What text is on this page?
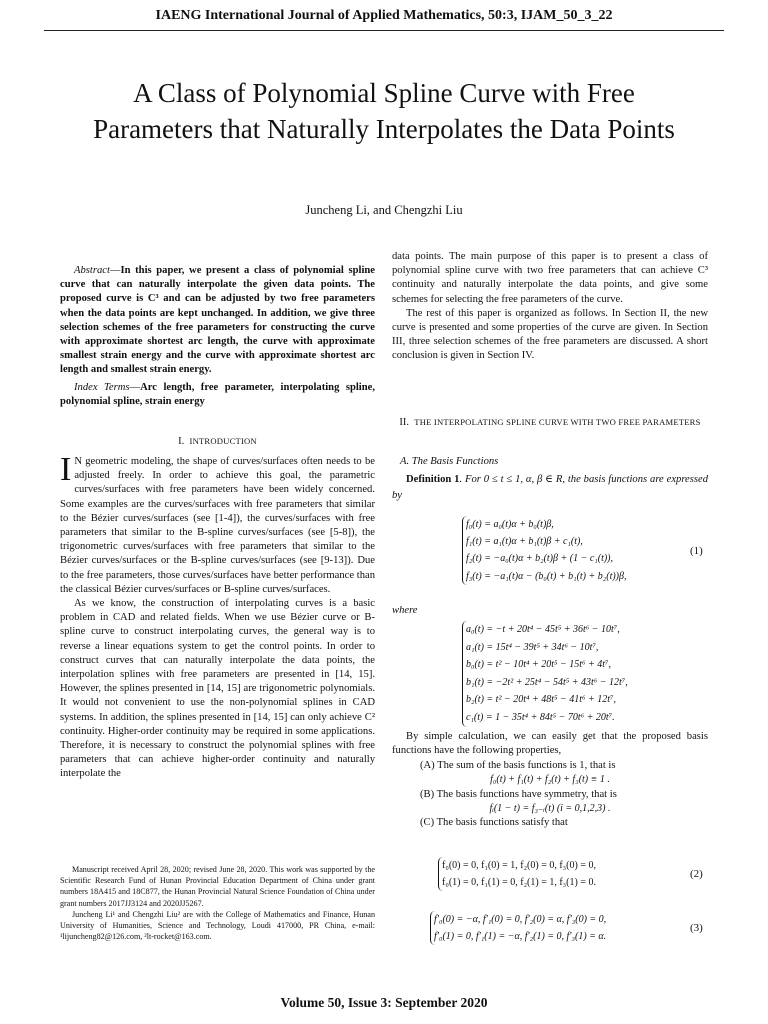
IAENG International Journal of Applied Mathematics, 50:3, IJAM_50_3_22
A Class of Polynomial Spline Curve with Free Parameters that Naturally Interpolates the Data Points
Juncheng Li, and Chengzhi Liu

Abstract—In this paper, we present a class of polynomial spline curve that can naturally interpolate the given data points. The proposed curve is C³ and can be adjusted by two free parameters when the data points are kept unchanged. In addition, we give three selection schemes of the free parameters for constructing the curve with approximate shortest arc length, the curve with approximate smallest strain energy and the curve with approximate shortest arc length and smallest strain energy.

Index Terms—Arc length, free parameter, interpolating spline, polynomial spline, strain energy

I. INTRODUCTION

I N geometric modeling, the shape of curves/surfaces often needs to be adjusted freely. In order to achieve this goal, the parametric curves/surfaces with free parameters have been widely concerned. Some examples are the curves/surfaces with free parameters that similar to the Bézier curves/surfaces (see [1-4]), the curves/surfaces with free parameters that similar to the B-spline curves/surfaces (see [5-8]), the trigonometric curves/surfaces with free parameters that similar to the Bézier curves/surfaces or the B-spline curves/surfaces (see [9-13]). Due to the free parameters, those curves/surfaces have better performance than the classical Bézier curves/surfaces or B-spline curves/surfaces.

As we know, the construction of interpolating curves is a basic problem in CAD and related fields. When we use Bézier curve or B-spline curve to construct interpolating curves, the general way is to reverse a linear equations system to get the control points. In order to construct curves that can naturally interpolate the data points, the interpolation splines with free parameters are presented in [14, 15]. However, the splines presented in [14, 15] are trigonometric polynomials. It would not convenient to use the non-polynomial splines in CAD systems. In addition, the splines presented in [14, 15] can only achieve C² continuity. Higher-order continuity may be required in some applications. Therefore, it is necessary to construct the polynomial splines with free parameters that can achieve higher-order continuity and naturally interpolate the

Manuscript received April 28, 2020; revised June 28, 2020. This work was supported by the Scientific Research Fund of Hunan Provincial Education Department of China under grant numbers 18A415 and 18C877, the Hunan Provincial Natural Science Foundation of China under grant numbers 2017JJ3124 and 2020JJ5267.

Juncheng Li¹ and Chengzhi Liu² are with the College of Mathematics and Finance, Hunan University of Humanities, Science and Technology, Loudi 417000, PR China, e-mail: ¹lijuncheng82@126.com, ²lt-rocket@163.com.

data points. The main purpose of this paper is to present a class of polynomial spline curve with two free parameters that can achieve C³ continuity and naturally interpolate the data points, and give some schemes for selecting the free parameters of the curve.

The rest of this paper is organized as follows. In Section II, the new curve is presented and some properties of the curve are given. In Section III, three selection schemes of the free parameters are discussed. A short conclusion is given in Section IV.

II. THE INTERPOLATING SPLINE CURVE WITH TWO FREE PARAMETERS
A. The Basis Functions
Definition 1. For 0 ≤ t ≤ 1, α, β ∈ R, the basis functions are expressed by
f₀(t) = a₀(t)α + b₀(t)β,
f₁(t) = a₁(t)α + b₁(t)β + c₁(t),
f₂(t) = −a₀(t)α + b₂(t)β + (1 − c₁(t)),
f₃(t) = −a₁(t)α − (b₀(t) + b₁(t) + b₂(t))β,
(1)
where
a₀(t) = −t + 20t⁴ − 45t⁵ + 36t⁶ − 10t⁷,
a₁(t) = 15t⁴ − 39t⁵ + 34t⁶ − 10t⁷,
b₀(t) = t² − 10t⁴ + 20t⁵ − 15t⁶ + 4t⁷,
b₁(t) = −2t² + 25t⁴ − 54t⁵ + 43t⁶ − 12t⁷,
b₂(t) = t² − 20t⁴ + 48t⁵ − 41t⁶ + 12t⁷,
c₁(t) = 1 − 35t⁴ + 84t⁵ − 70t⁶ + 20t⁷.

By simple calculation, we can easily get that the proposed basis functions have the following properties,

(A) The sum of the basis functions is 1, that is

f₀(t) + f₁(t) + f₂(t) + f₃(t) ≡ 1 .

(B) The basis functions have symmetry, that is

fᵢ(1 − t) = f₃₋ᵢ(t) (i = 0,1,2,3) .

(C) The basis functions satisfy that

f₀(0) = 0, f₁(0) = 1, f₂(0) = 0, f₃(0) = 0,
f₀(1) = 0, f₁(1) = 0, f₂(1) = 1, f₃(1) = 0.
(2)
f′₀(0) = −α, f′₁(0) = 0, f′₂(0) = α, f′₃(0) = 0,
f′₀(1) = 0, f′₁(1) = −α, f′₂(1) = 0, f′₃(1) = α.
(3)
Volume 50, Issue 3: September 2020
